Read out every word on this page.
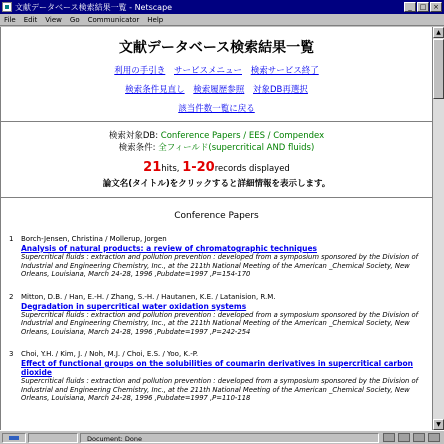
文献データベース検索結果一覧 - Netscape	_	□ ×
File Edit View Go Communicator Help
文献データベース検索結果一覧
利用の手引き サービスメニュー 検索サービス終了
検索条件見直し 検索履歴参照 対象DB再選択
該当件数一覧に戻る
検索対象DB: Conference Papers / EES / Compendex
検索条件: 全フィールド(supercritical AND fluids)
21hits, 1-20records displayed
論文名(タイトル)をクリックすると詳細情報を表示します。
Conference Papers
1 Borch-Jensen, Christina / Mollerup, Jorgen
Analysis of natural products: a review of chromatographic techniques
Supercritical fluids : extraction and pollution prevention : developed from a symposium sponsored by the Division of Industrial and Engineering Chemistry, Inc., at the 211th National Meeting of the American _Chemical Society, New Orleans, Louisiana, March 24-28, 1996 ,Pubdate=1997 ,P=154-170
2 Mitton, D.B. / Han, E.-H. / Zhang, S.-H. / Hautanen, K.E. / Latanision, R.M.
Degradation in supercritical water oxidation systems
Supercritical fluids : extraction and pollution prevention : developed from a symposium sponsored by the Division of Industrial and Engineering Chemistry, Inc., at the 211th National Meeting of the American _Chemical Society, New Orleans, Louisiana, March 24-28, 1996 ,Pubdate=1997 ,P=242-254
3 Choi, Y.H. / Kim, J. / Noh, M.J. / Choi, E.S. / Yoo, K.-P.
Effect of functional groups on the solubilities of coumarin derivatives in supercritical carbon dioxide
Supercritical fluids : extraction and pollution prevention : developed from a symposium sponsored by the Division of Industrial and Engineering Chemistry, Inc., at the 211th National Meeting of the American _Chemical Society, New Orleans, Louisiana, March 24-28, 1996 ,Pubdate=1997 ,P=110-118
▲
▼
Document: Done
